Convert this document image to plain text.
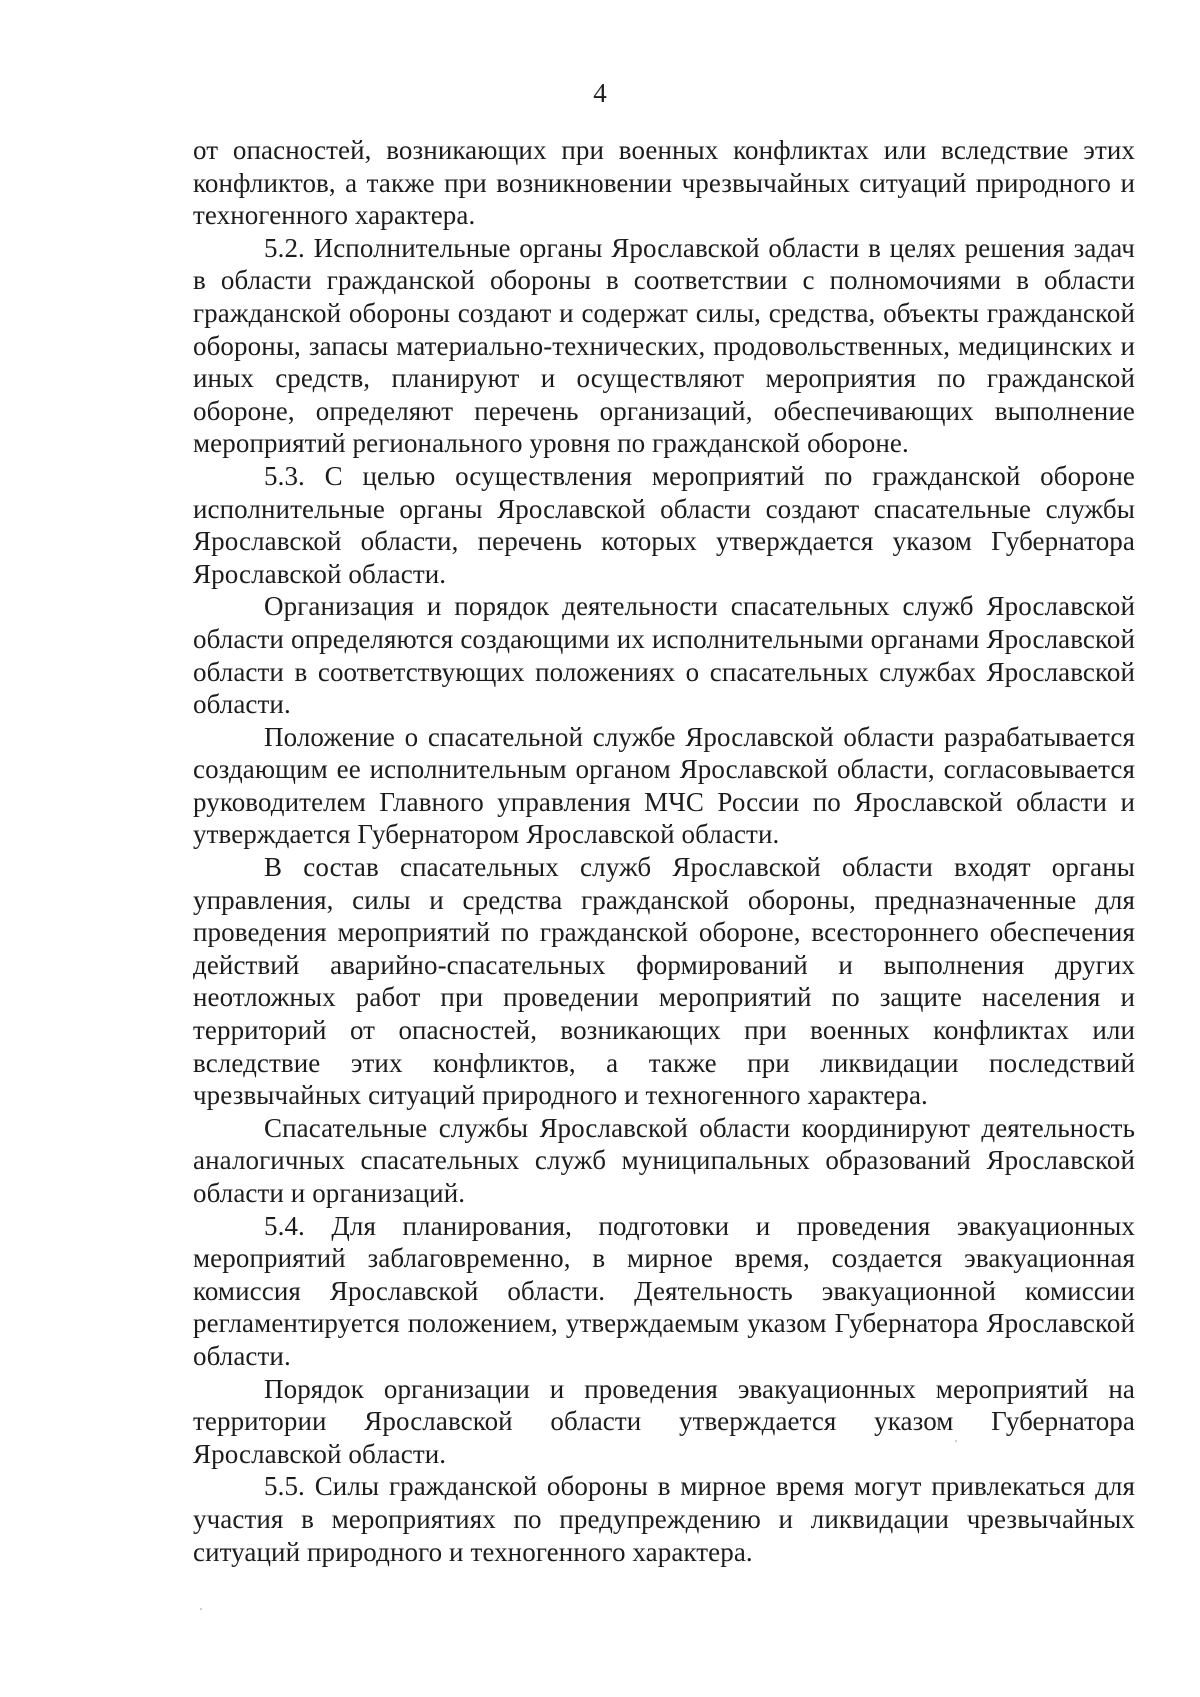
4

от опасностей, возникающих при военных конфликтах или вследствие этих конфликтов, а также при возникновении чрезвычайных ситуаций природного и техногенного характера.

5.2. Исполнительные органы Ярославской области в целях решения задач в области гражданской обороны в соответствии с полномочиями в области гражданской обороны создают и содержат силы, средства, объекты гражданской обороны, запасы материально-технических, продовольственных, медицинских и иных средств, планируют и осуществляют мероприятия по гражданской обороне, определяют перечень организаций, обеспечивающих выполнение мероприятий регионального уровня по гражданской обороне.

5.3. С целью осуществления мероприятий по гражданской обороне исполнительные органы Ярославской области создают спасательные службы Ярославской области, перечень которых утверждается указом Губернатора Ярославской области.

Организация и порядок деятельности спасательных служб Ярославской области определяются создающими их исполнительными органами Ярославской области в соответствующих положениях о спасательных службах Ярославской области.

Положение о спасательной службе Ярославской области разрабатывается создающим ее исполнительным органом Ярославской области, согласовывается руководителем Главного управления МЧС России по Ярославской области и утверждается Губернатором Ярославской области.

В состав спасательных служб Ярославской области входят органы управления, силы и средства гражданской обороны, предназначенные для проведения мероприятий по гражданской обороне, всестороннего обеспечения действий аварийно-спасательных формирований и выполнения других неотложных работ при проведении мероприятий по защите населения и территорий от опасностей, возникающих при военных конфликтах или вследствие этих конфликтов, а также при ликвидации последствий чрезвычайных ситуаций природного и техногенного характера.

Спасательные службы Ярославской области координируют деятельность аналогичных спасательных служб муниципальных образований Ярославской области и организаций.

5.4. Для планирования, подготовки и проведения эвакуационных мероприятий заблаговременно, в мирное время, создается эвакуационная комиссия Ярославской области. Деятельность эвакуационной комиссии регламентируется положением, утверждаемым указом Губернатора Ярославской области.

Порядок организации и проведения эвакуационных мероприятий на территории Ярославской области утверждается указом Губернатора Ярославской области.

5.5. Силы гражданской обороны в мирное время могут привлекаться для участия в мероприятиях по предупреждению и ликвидации чрезвычайных ситуаций природного и техногенного характера.
